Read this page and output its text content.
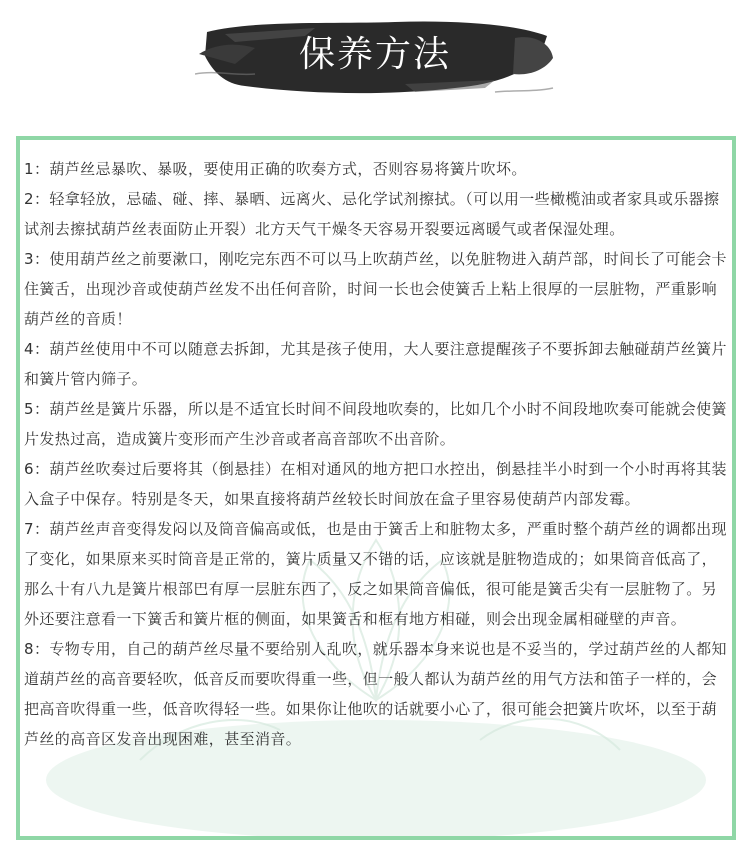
保养方法

1：葫芦丝忌暴吹、暴吸，要使用正确的吹奏方式，否则容易将簧片吹坏。

2：轻拿轻放，忌磕、碰、摔、暴晒、远离火、忌化学试剂擦拭。（可以用一些橄榄油或者家具或乐器擦试剂去擦拭葫芦丝表面防止开裂）北方天气干燥冬天容易开裂要远离暖气或者保湿处理。

3：使用葫芦丝之前要漱口，刚吃完东西不可以马上吹葫芦丝，以免脏物进入葫芦部，时间长了可能会卡住簧舌，出现沙音或使葫芦丝发不出任何音阶，时间一长也会使簧舌上粘上很厚的一层脏物，严重影响葫芦丝的音质！

4：葫芦丝使用中不可以随意去拆卸，尤其是孩子使用，大人要注意提醒孩子不要拆卸去触碰葫芦丝簧片和簧片管内筛子。

5：葫芦丝是簧片乐器，所以是不适宜长时间不间段地吹奏的，比如几个小时不间段地吹奏可能就会使簧片发热过高，造成簧片变形而产生沙音或者高音部吹不出音阶。

6：葫芦丝吹奏过后要将其（倒悬挂）在相对通风的地方把口水控出，倒悬挂半小时到一个小时再将其装入盒子中保存。特别是冬天，如果直接将葫芦丝较长时间放在盒子里容易使葫芦内部发霉。

7：葫芦丝声音变得发闷以及筒音偏高或低，也是由于簧舌上和脏物太多，严重时整个葫芦丝的调都出现了变化，如果原来买时筒音是正常的，簧片质量又不错的话，应该就是脏物造成的；如果筒音低高了，那么十有八九是簧片根部巴有厚一层脏东西了，反之如果筒音偏低，很可能是簧舌尖有一层脏物了。另外还要注意看一下簧舌和簧片框的侧面，如果簧舌和框有地方相碰，则会出现金属相碰壁的声音。

8：专物专用，自己的葫芦丝尽量不要给别人乱吹，就乐器本身来说也是不妥当的，学过葫芦丝的人都知道葫芦丝的高音要轻吹，低音反而要吹得重一些，但一般人都认为葫芦丝的用气方法和笛子一样的，会把高音吹得重一些，低音吹得轻一些。如果你让他吹的话就要小心了，很可能会把簧片吹坏，以至于葫芦丝的高音区发音出现困难，甚至消音。
